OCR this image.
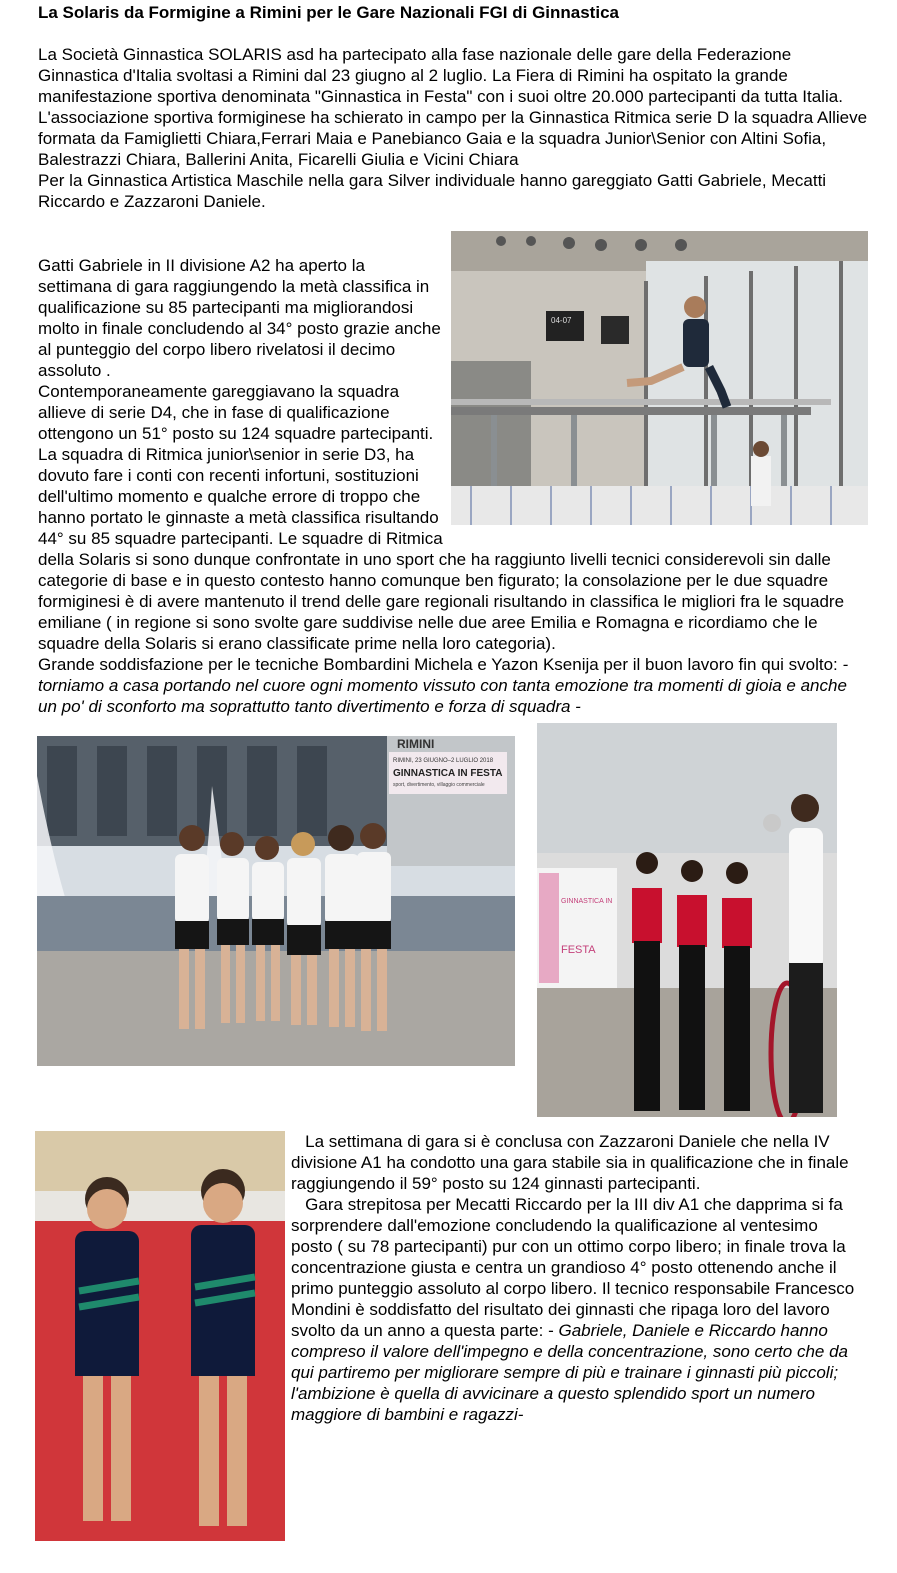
La Solaris da Formigine a Rimini per le Gare Nazionali FGI di Ginnastica

La Società Ginnastica SOLARIS asd ha partecipato alla fase nazionale delle gare della Federazione Ginnastica d'Italia svoltasi a Rimini dal 23 giugno al 2 luglio. La Fiera di Rimini ha ospitato la grande manifestazione sportiva denominata "Ginnastica in Festa" con i suoi oltre 20.000 partecipanti da tutta Italia.

L'associazione sportiva formiginese ha schierato in campo per la Ginnastica Ritmica serie D la squadra Allieve formata da Famiglietti Chiara,Ferrari Maia e Panebianco Gaia e la squadra Junior\Senior con Altini Sofia, Balestrazzi Chiara, Ballerini Anita, Ficarelli Giulia e Vicini Chiara

Per la Ginnastica Artistica Maschile nella gara Silver individuale hanno gareggiato Gatti Gabriele, Mecatti Riccardo e Zazzaroni Daniele.

04-07

Gatti Gabriele in II divisione A2 ha aperto la settimana di gara raggiungendo la metà classifica in qualificazione su 85 partecipanti ma migliorandosi molto in finale concludendo al 34° posto grazie anche al punteggio del corpo libero rivelatosi il decimo assoluto .

Contemporaneamente gareggiavano la squadra allieve di serie D4, che in fase di qualificazione ottengono un 51° posto su 124 squadre partecipanti. La squadra di Ritmica junior\senior in serie D3, ha dovuto fare i conti con recenti infortuni, sostituzioni dell'ultimo momento e qualche errore di troppo che hanno portato le ginnaste a metà classifica risultando 44° su 85 squadre partecipanti. Le squadre di Ritmica della Solaris si sono dunque confrontate in uno sport che ha raggiunto livelli tecnici considerevoli sin dalle categorie di base e in questo contesto hanno comunque ben figurato; la consolazione per le due squadre formiginesi è di avere mantenuto il trend delle gare regionali risultando in classifica le migliori fra le squadre emiliane ( in regione si sono svolte gare suddivise nelle due aree Emilia e Romagna e ricordiamo che le squadre della Solaris si erano classificate prime nella loro categoria).

Grande soddisfazione per le tecniche Bombardini Michela e Yazon Ksenija per il buon lavoro fin qui svolto: -torniamo a casa portando nel cuore ogni momento vissuto con tanta emozione tra momenti di gioia e anche un po' di sconforto ma soprattutto tanto divertimento e forza di squadra -

RIMINI
RIMINI, 23 GIUGNO–2 LUGLIO 2018
GINNASTICA IN FESTA
sport, divertimento, villaggio commerciale
GINNASTICA IN
FESTA

La settimana di gara si è conclusa con Zazzaroni Daniele che nella IV divisione A1 ha condotto una gara stabile sia in qualificazione che in finale raggiungendo il 59° posto su 124 ginnasti partecipanti.

Gara strepitosa per Mecatti Riccardo per la III div A1 che dapprima si fa sorprendere dall'emozione concludendo la qualificazione al ventesimo posto ( su 78 partecipanti) pur con un ottimo corpo libero; in finale trova la concentrazione giusta e centra un grandioso 4° posto ottenendo anche il primo punteggio assoluto al corpo libero. Il tecnico responsabile Francesco Mondini è soddisfatto del risultato dei ginnasti che ripaga loro del lavoro svolto da un anno a questa parte: - Gabriele, Daniele e Riccardo hanno compreso il valore dell'impegno e della concentrazione, sono certo che da qui partiremo per migliorare sempre di più e trainare i ginnasti più piccoli; l'ambizione è quella di avvicinare a questo splendido sport un numero maggiore di bambini e ragazzi-
